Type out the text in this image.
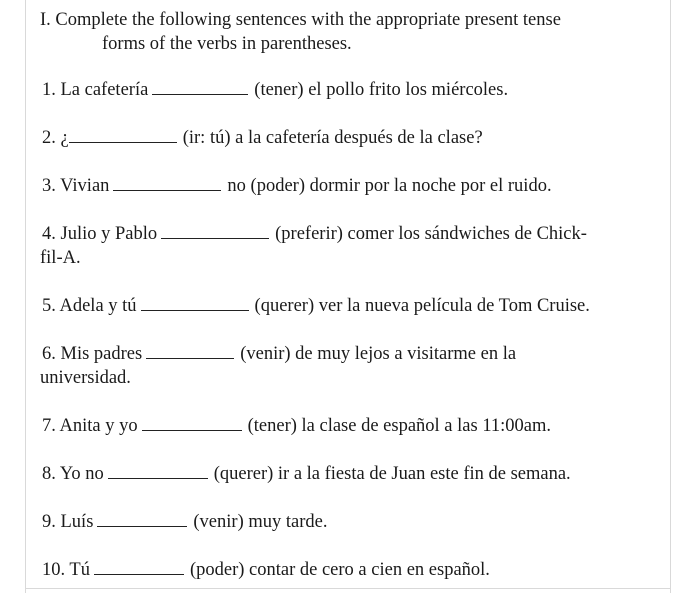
I. Complete the following sentences with the appropriate present tense
forms of the verbs in parentheses.
1. La cafetería	(tener) el pollo frito los miércoles.
2. ¿	(ir: tú) a la cafetería después de la clase?
3. Vivian	no (poder) dormir por la noche por el ruido.
4. Julio y Pablo	(preferir) comer los sándwiches de Chick-
fil-A.
5. Adela y tú	(querer) ver la nueva película de Tom Cruise.
6. Mis padres	(venir) de muy lejos a visitarme en la
universidad.
7. Anita y yo	(tener) la clase de español a las 11:00am.
8. Yo no	(querer) ir a la fiesta de Juan este fin de semana.
9. Luís	(venir) muy tarde.
10. Tú	(poder) contar de cero a cien en español.
